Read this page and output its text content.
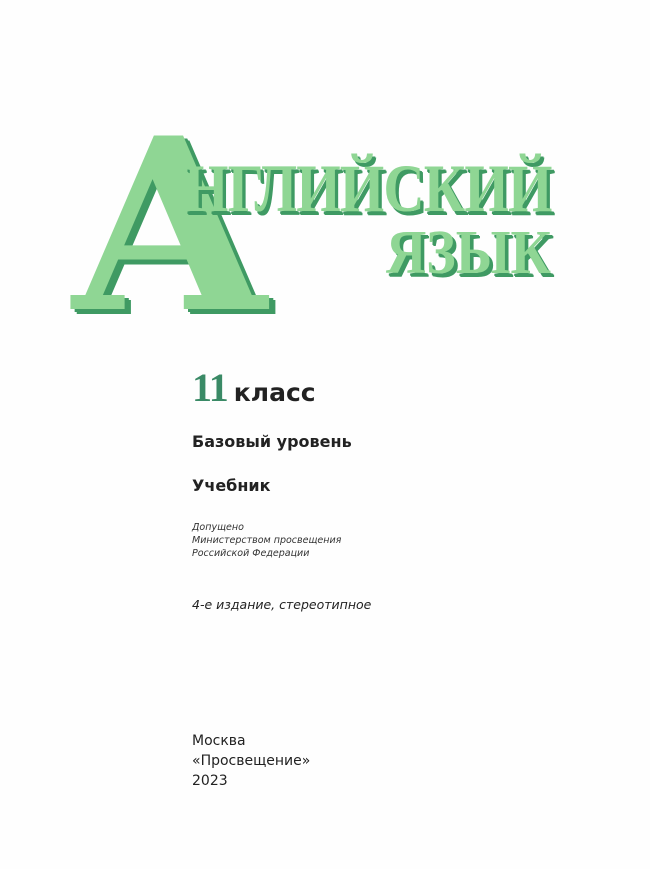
А
НГЛИЙСКИЙ
ЯЗЫК
11 класс
Базовый уровень
Учебник
Допущено
Министерством просвещения
Российской Федерации
4-е издание, стереотипное
Москва
«Просвещение»
2023
